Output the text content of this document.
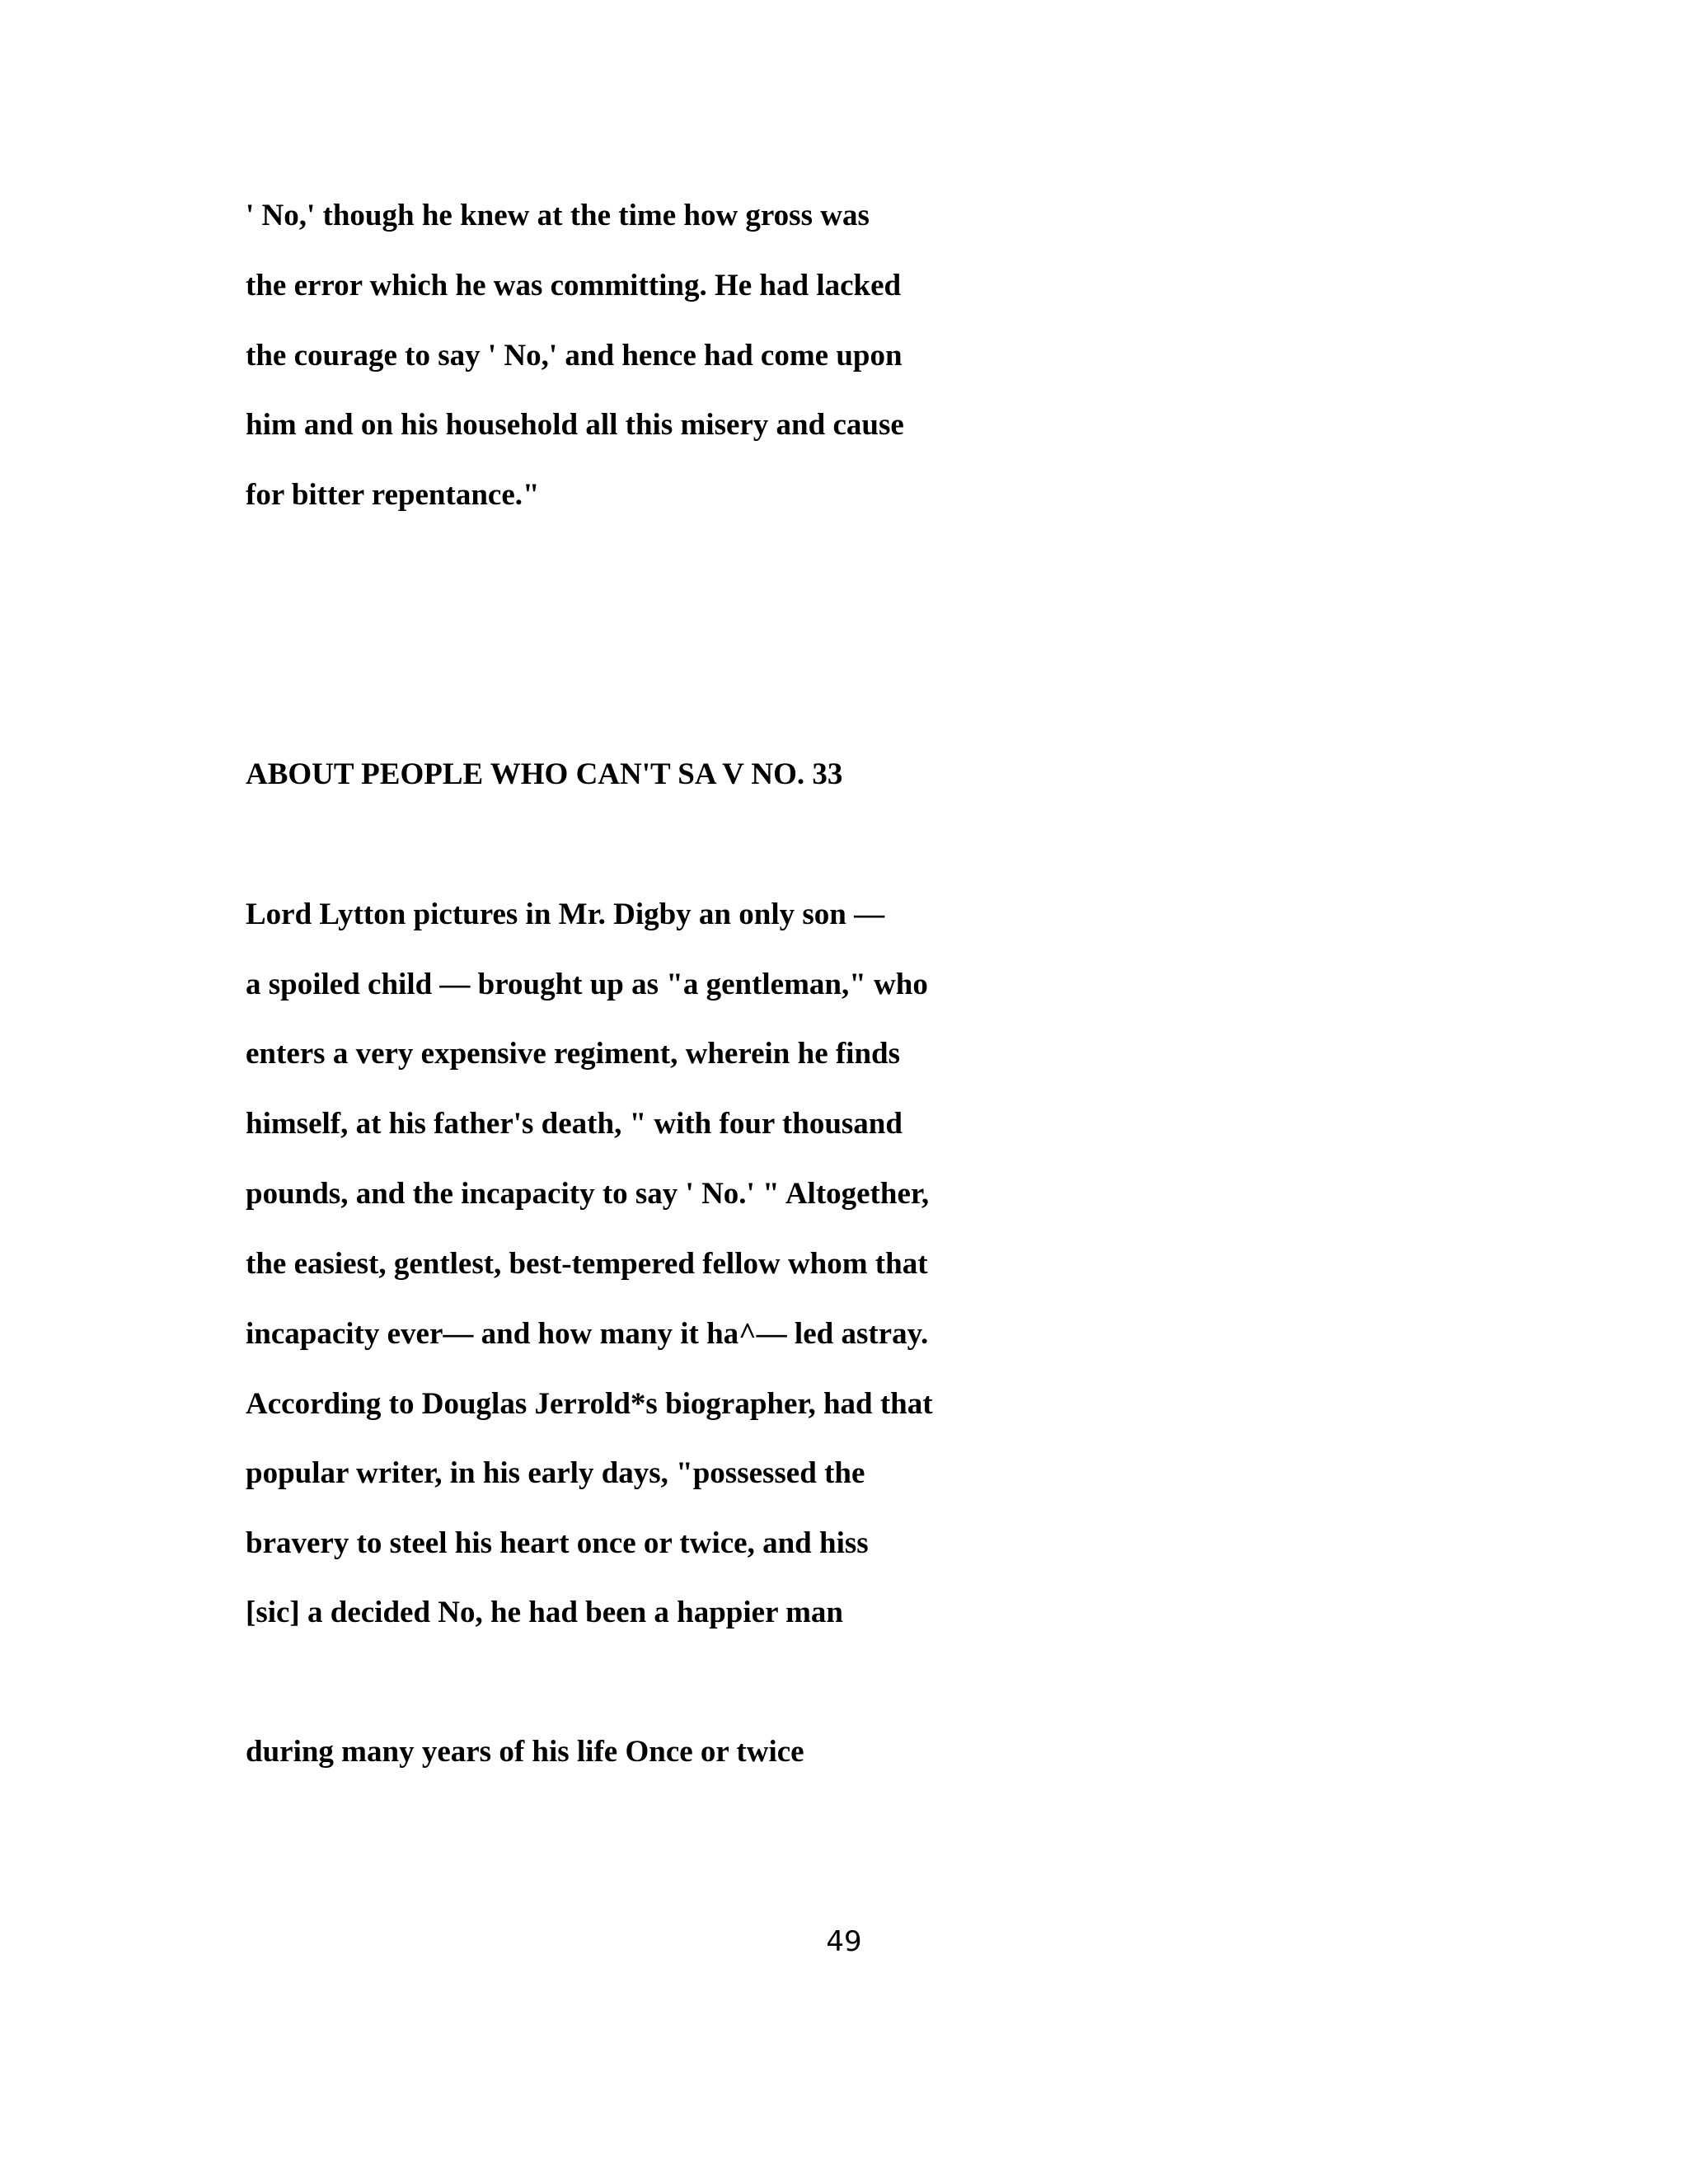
' No,' though he knew at the time how gross was

the error which he was committing. He had lacked

the courage to say ' No,' and hence had come upon

him and on his household all this misery and cause

for bitter repentance."

ABOUT PEOPLE WHO CAN'T SA V NO. 33

Lord Lytton pictures in Mr. Digby an only son —

a spoiled child — brought up as "a gentleman," who

enters a very expensive regiment, wherein he finds

himself, at his father's death, " with four thousand

pounds, and the incapacity to say ' No.' " Altogether,

the easiest, gentlest, best-tempered fellow whom that

incapacity ever— and how many it ha^— led astray.

According to Douglas Jerrold*s biographer, had that

popular writer, in his early days, "possessed the

bravery to steel his heart once or twice, and hiss

[sic] a decided No, he had been a happier man

during many years of his life Once or twice

49
